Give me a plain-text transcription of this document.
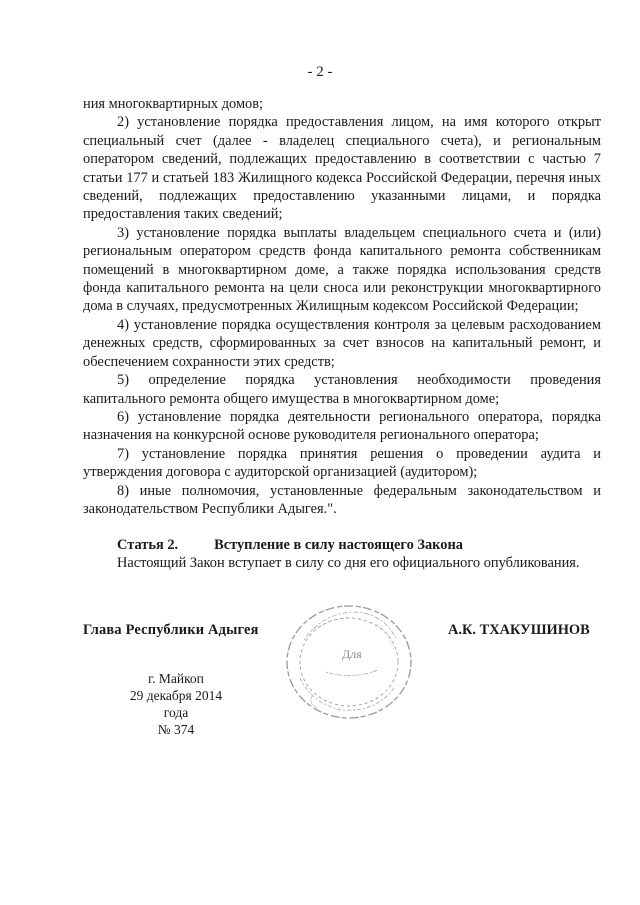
- 2 -

ния многоквартирных домов;

2) установление порядка предоставления лицом, на имя которого открыт специальный счет (далее - владелец специального счета), и региональным оператором сведений, подлежащих предоставлению в соответствии с частью 7 статьи 177 и статьей 183 Жилищного кодекса Российской Федерации, перечня иных сведений, подлежащих предоставлению указанными лицами, и порядка предоставления таких сведений;

3) установление порядка выплаты владельцем специального счета и (или) региональным оператором средств фонда капитального ремонта собственникам помещений в многоквартирном доме, а также порядка использования средств фонда капитального ремонта на цели сноса или реконструкции многоквартирного дома в случаях, предусмотренных Жилищным кодексом Российской Федерации;

4) установление порядка осуществления контроля за целевым расходованием денежных средств, сформированных за счет взносов на капитальный ремонт, и обеспечением сохранности этих средств;

5) определение порядка установления необходимости проведения капитального ремонта общего имущества в многоквартирном доме;

6) установление порядка деятельности регионального оператора, порядка назначения на конкурсной основе руководителя регионального оператора;

7) установление порядка принятия решения о проведении аудита и утверждения договора с аудиторской организацией (аудитором);

8) иные полномочия, установленные федеральным законодательством и законодательством Республики Адыгея.".

Статья 2.	Вступление в силу настоящего Закона

Настоящий Закон вступает в силу со дня его официального опубликования.

Глава Республики Адыгея	А.К. ТХАКУШИНОВ
г. Майкоп
29 декабря 2014 года
№ 374
Для
